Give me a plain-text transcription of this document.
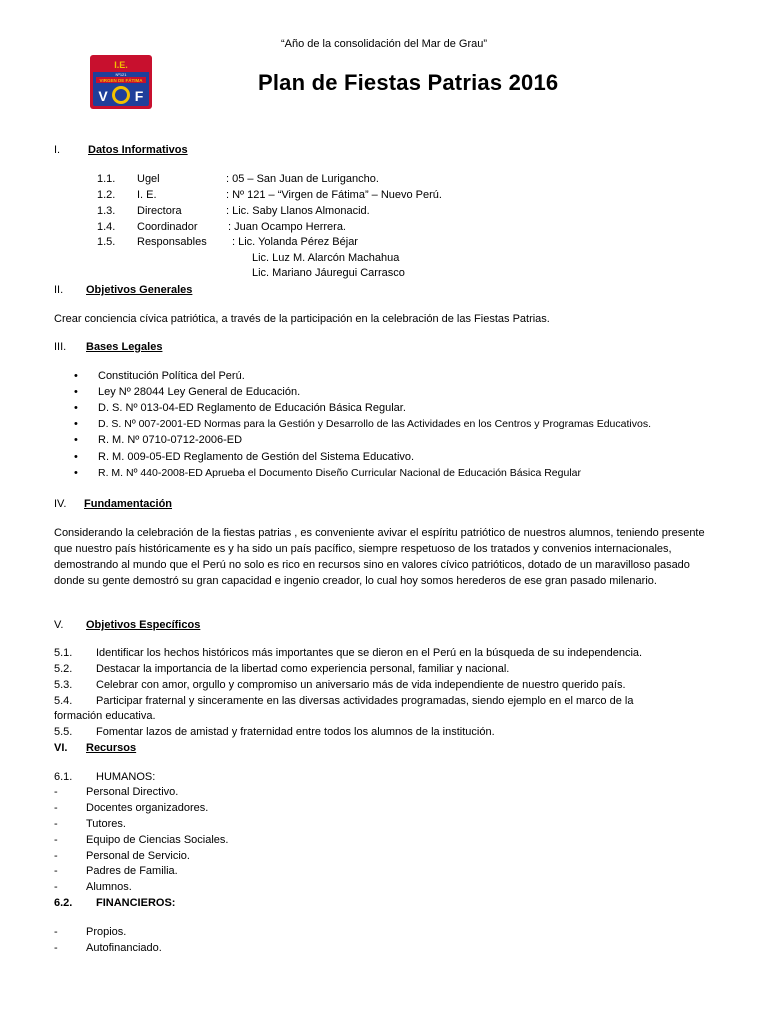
“Año de la consolidación del Mar de Grau”
I.E.
Nº121
VIRGEN DE FÁTIMA
V F
Plan de Fiestas Patrias 2016
I.	Datos Informativos
1.1. Ugel	: 05 – San Juan de Lurigancho.
1.2. I. E.	: Nº 121 – “Virgen de Fátima” – Nuevo Perú.
1.3. Directora	: Lic. Saby Llanos Almonacid.
1.4. Coordinador	: Juan Ocampo Herrera.
1.5. Responsables : Lic. Yolanda Pérez Béjar
Lic. Luz M. Alarcón Machahua
Lic. Mariano Jáuregui Carrasco
II. Objetivos Generales
Crear conciencia cívica patriótica, a través de la participación en la celebración de las Fiestas Patrias.
III. Bases Legales
• Constitución Política del Perú.
• Ley Nº 28044 Ley General de Educación.
• D. S. Nº 013-04-ED Reglamento de Educación Básica Regular.
• D. S. Nº 007-2001-ED Normas para la Gestión y Desarrollo de las Actividades en los Centros y Programas Educativos.
• R. M. Nº 0710-0712-2006-ED
• R. M. 009-05-ED Reglamento de Gestión del Sistema Educativo.
• R. M. Nº 440-2008-ED Aprueba el Documento Diseño Curricular Nacional de Educación Básica Regular
IV. Fundamentación
Considerando la celebración de la fiestas patrias , es conveniente avivar el espíritu patriótico de nuestros alumnos, teniendo presente que nuestro país históricamente es y ha sido un país pacífico, siempre respetuoso de los tratados y convenios internacionales, demostrando al mundo que el Perú no solo es rico en recursos sino en valores cívico patrióticos, dotado de un maravilloso pasado donde su gente demostró su gran capacidad e ingenio creador, lo cual hoy somos herederos de ese gran pasado milenario.
V. Objetivos Específicos
5.1. Identificar los hechos históricos más importantes que se dieron en el Perú en la búsqueda de su independencia.
5.2. Destacar la importancia de la libertad como experiencia personal, familiar y nacional.
5.3. Celebrar con amor, orgullo y compromiso un aniversario más de vida independiente de nuestro querido país.
5.4. Participar fraternal y sinceramente en las diversas actividades programadas, siendo ejemplo en el marco de la
formación educativa.
5.5. Fomentar lazos de amistad y fraternidad entre todos los alumnos de la institución.
VI. Recursos
6.1. HUMANOS:
-	Personal Directivo.
-	Docentes organizadores.
-	Tutores.
-	Equipo de Ciencias Sociales.
-	Personal de Servicio.
-	Padres de Familia.
-	Alumnos.
6.2. FINANCIEROS:
-	Propios.
-	Autofinanciado.
